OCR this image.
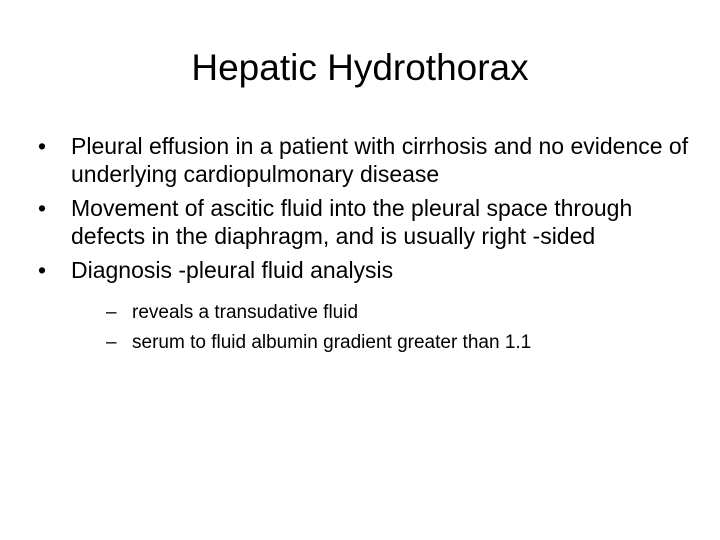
Hepatic Hydrothorax
•	Pleural effusion in a patient with cirrhosis and no evidence of underlying cardiopulmonary disease
•	Movement of ascitic fluid into the pleural space through defects in the diaphragm, and is usually right -sided
•	Diagnosis -pleural fluid analysis
– reveals a transudative fluid
– serum to fluid albumin gradient greater than 1.1
